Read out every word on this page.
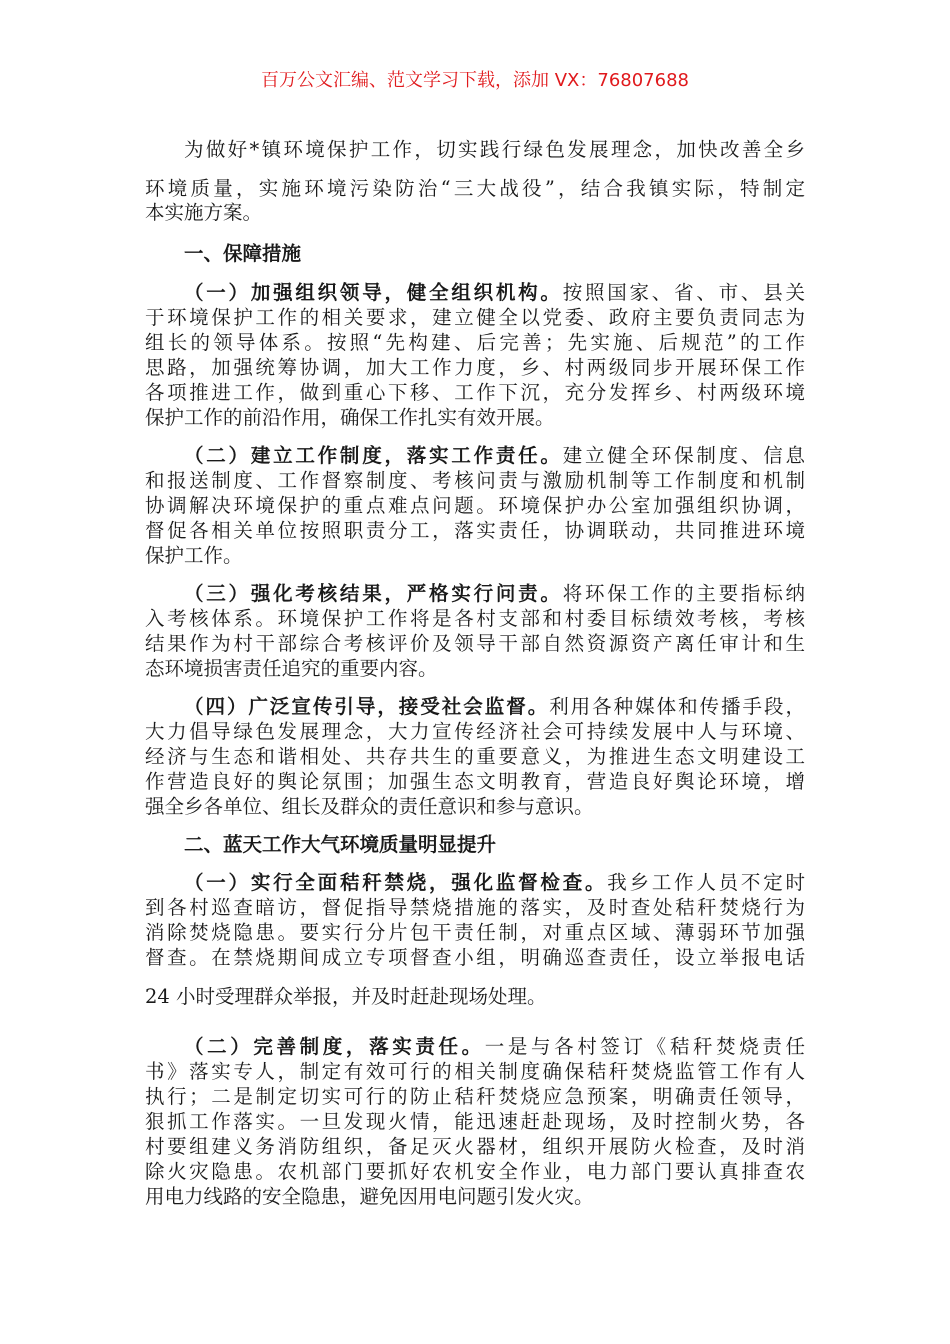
百万公文汇编、范文学习下载，添加 VX：76807688

为做好*镇环境保护工作，切实践行绿色发展理念，加快改善全乡

环境质量，实施环境污染防治“三大战役”，结合我镇实际，特制定

本实施方案。

一、保障措施

（一）加强组织领导，健全组织机构。按照国家、省、市、县关

于环境保护工作的相关要求，建立健全以党委、政府主要负责同志为

组长的领导体系。按照“先构建、后完善；先实施、后规范”的工作

思路，加强统筹协调，加大工作力度，乡、村两级同步开展环保工作

各项推进工作，做到重心下移、工作下沉，充分发挥乡、村两级环境

保护工作的前沿作用，确保工作扎实有效开展。

（二）建立工作制度，落实工作责任。建立健全环保制度、信息

和报送制度、工作督察制度、考核问责与激励机制等工作制度和机制

协调解决环境保护的重点难点问题。环境保护办公室加强组织协调，

督促各相关单位按照职责分工，落实责任，协调联动，共同推进环境

保护工作。

（三）强化考核结果，严格实行问责。将环保工作的主要指标纳

入考核体系。环境保护工作将是各村支部和村委目标绩效考核，考核

结果作为村干部综合考核评价及领导干部自然资源资产离任审计和生

态环境损害责任追究的重要内容。

（四）广泛宣传引导，接受社会监督。利用各种媒体和传播手段，

大力倡导绿色发展理念，大力宣传经济社会可持续发展中人与环境、

经济与生态和谐相处、共存共生的重要意义，为推进生态文明建设工

作营造良好的舆论氛围；加强生态文明教育，营造良好舆论环境，增

强全乡各单位、组长及群众的责任意识和参与意识。

二、蓝天工作大气环境质量明显提升

（一）实行全面秸秆禁烧，强化监督检查。我乡工作人员不定时

到各村巡查暗访，督促指导禁烧措施的落实，及时查处秸秆焚烧行为

消除焚烧隐患。要实行分片包干责任制，对重点区域、薄弱环节加强

督查。在禁烧期间成立专项督查小组，明确巡查责任，设立举报电话

24 小时受理群众举报，并及时赶赴现场处理。

（二）完善制度，落实责任。一是与各村签订《秸秆焚烧责任

书》落实专人，制定有效可行的相关制度确保秸秆焚烧监管工作有人

执行；二是制定切实可行的防止秸秆焚烧应急预案，明确责任领导，

狠抓工作落实。一旦发现火情，能迅速赶赴现场，及时控制火势，各

村要组建义务消防组织，备足灭火器材，组织开展防火检查，及时消

除火灾隐患。农机部门要抓好农机安全作业，电力部门要认真排查农

用电力线路的安全隐患，避免因用电问题引发火灾。
